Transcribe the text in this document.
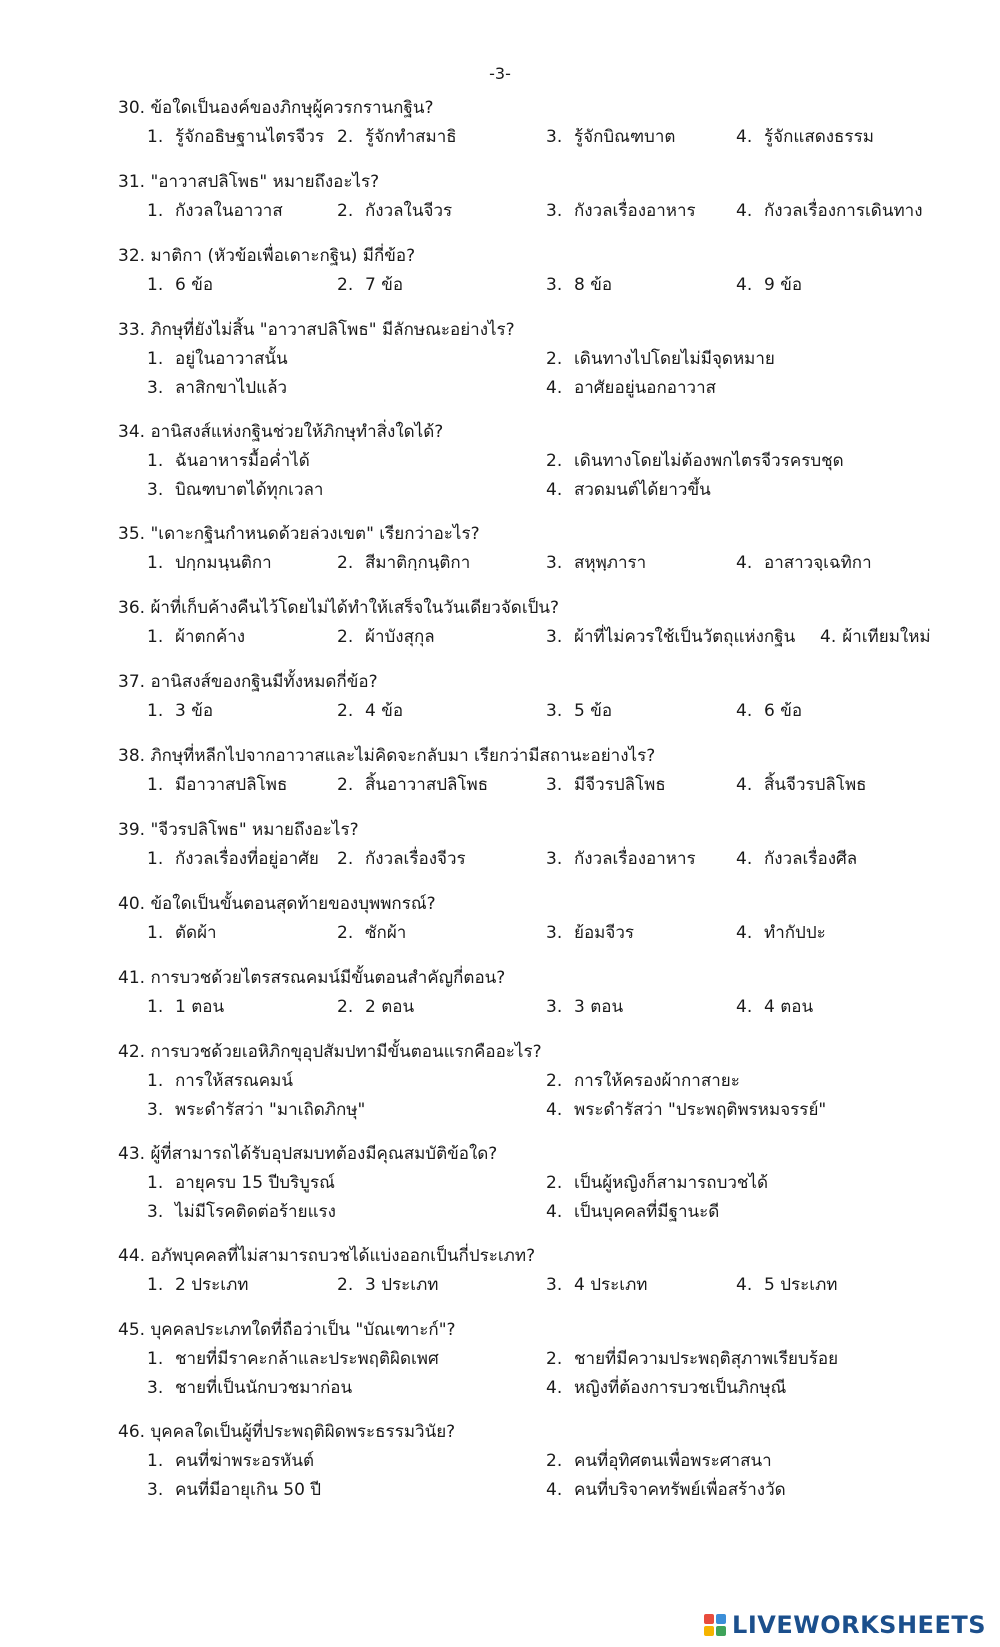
-3-
30. ข้อใดเป็นองค์ของภิกษุผู้ควรกรานกฐิน?
1. รู้จักอธิษฐานไตรจีวร 2. รู้จักทำสมาธิ	3. รู้จักบิณฑบาต	4. รู้จักแสดงธรรม
31. "อาวาสปลิโพธ" หมายถึงอะไร?
1. กังวลในอาวาส	2. กังวลในจีวร	3. กังวลเรื่องอาหาร 4. กังวลเรื่องการเดินทาง
32. มาติกา (หัวข้อเพื่อเดาะกฐิน) มีกี่ข้อ?
1. 6 ข้อ	2. 7 ข้อ	3. 8 ข้อ	4. 9 ข้อ
33. ภิกษุที่ยังไม่สิ้น "อาวาสปลิโพธ" มีลักษณะอย่างไร?
1. อยู่ในอาวาสนั้น	2. เดินทางไปโดยไม่มีจุดหมาย
3. ลาสิกขาไปแล้ว	4. อาศัยอยู่นอกอาวาส
34. อานิสงส์แห่งกฐินช่วยให้ภิกษุทำสิ่งใดได้?
1. ฉันอาหารมื้อค่ำได้	2. เดินทางโดยไม่ต้องพกไตรจีวรครบชุด
3. บิณฑบาตได้ทุกเวลา	4. สวดมนต์ได้ยาวขึ้น
35. "เดาะกฐินกำหนดด้วยล่วงเขต" เรียกว่าอะไร?
1. ปกฺกมนฺนติกา	2. สีมาติกฺกนฺติกา	3. สหุพฺภารา	4. อาสาวจฺเฉทิกา
36. ผ้าที่เก็บค้างคืนไว้โดยไม่ได้ทำให้เสร็จในวันเดียวจัดเป็น?
1. ผ้าตกค้าง	2. ผ้าบังสุกุล	3. ผ้าที่ไม่ควรใช้เป็นวัตถุแห่งกฐิน 4. ผ้าเทียมใหม่
37. อานิสงส์ของกฐินมีทั้งหมดกี่ข้อ?
1. 3 ข้อ	2. 4 ข้อ	3. 5 ข้อ	4. 6 ข้อ
38. ภิกษุที่หลีกไปจากอาวาสและไม่คิดจะกลับมา เรียกว่ามีสถานะอย่างไร?
1. มีอาวาสปลิโพธ	2. สิ้นอาวาสปลิโพธ	3. มีจีวรปลิโพธ	4. สิ้นจีวรปลิโพธ
39. "จีวรปลิโพธ" หมายถึงอะไร?
1. กังวลเรื่องที่อยู่อาศัย 2. กังวลเรื่องจีวร	3. กังวลเรื่องอาหาร 4. กังวลเรื่องศีล
40. ข้อใดเป็นขั้นตอนสุดท้ายของบุพพกรณ์?
1. ตัดผ้า	2. ซักผ้า	3. ย้อมจีวร	4. ทำกัปปะ
41. การบวชด้วยไตรสรณคมน์มีขั้นตอนสำคัญกี่ตอน?
1. 1 ตอน	2. 2 ตอน	3. 3 ตอน	4. 4 ตอน
42. การบวชด้วยเอหิภิกขุอุปสัมปทามีขั้นตอนแรกคืออะไร?
1. การให้สรณคมน์	2. การให้ครองผ้ากาสายะ
3. พระดำรัสว่า "มาเถิดภิกษุ"	4. พระดำรัสว่า "ประพฤติพรหมจรรย์"
43. ผู้ที่สามารถได้รับอุปสมบทต้องมีคุณสมบัติข้อใด?
1. อายุครบ 15 ปีบริบูรณ์	2. เป็นผู้หญิงก็สามารถบวชได้
3. ไม่มีโรคติดต่อร้ายแรง	4. เป็นบุคคลที่มีฐานะดี
44. อภัพบุคคลที่ไม่สามารถบวชได้แบ่งออกเป็นกี่ประเภท?
1. 2 ประเภท	2. 3 ประเภท	3. 4 ประเภท	4. 5 ประเภท
45. บุคคลประเภทใดที่ถือว่าเป็น "บัณเฑาะก์"?
1. ชายที่มีราคะกล้าและประพฤติผิดเพศ	2. ชายที่มีความประพฤติสุภาพเรียบร้อย
3. ชายที่เป็นนักบวชมาก่อน	4. หญิงที่ต้องการบวชเป็นภิกษุณี
46. บุคคลใดเป็นผู้ที่ประพฤติผิดพระธรรมวินัย?
1. คนที่ฆ่าพระอรหันต์	2. คนที่อุทิศตนเพื่อพระศาสนา
3. คนที่มีอายุเกิน 50 ปี	4. คนที่บริจาคทรัพย์เพื่อสร้างวัด
LIVEWORKSHEETS
